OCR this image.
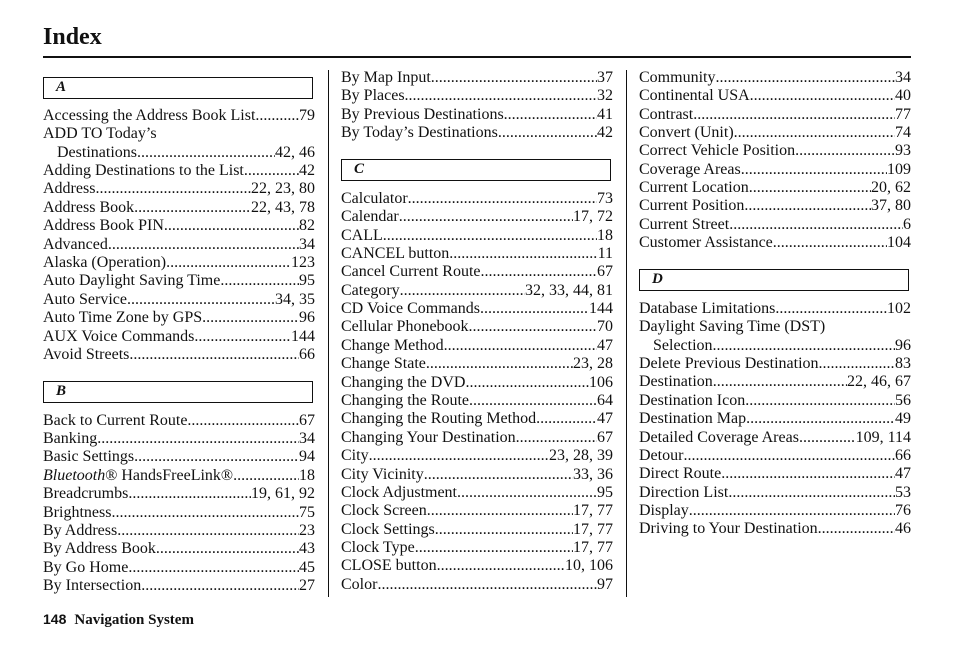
Index
A
Accessing the Address Book List .....	79
ADD TO Today’s
Destinations .....	42, 46
Adding Destinations to the List .....	42
Address .....	22, 23, 80
Address Book .....	22, 43, 78
Address Book PIN .....	82
Advanced .....	34
Alaska (Operation) .....	123
Auto Daylight Saving Time .....	95
Auto Service .....	34, 35
Auto Time Zone by GPS .....	96
AUX Voice Commands .....	144
Avoid Streets .....	66
B
Back to Current Route .....	67
Banking .....	34
Basic Settings .....	94
Bluetooth® HandsFreeLink® .....	18
Breadcrumbs .....	19, 61, 92
Brightness .....	75
By Address .....	23
By Address Book .....	43
By Go Home .....	45
By Intersection .....	27
By Map Input .....	37
By Places .....	32
By Previous Destinations .....	41
By Today’s Destinations .....	42
C
Calculator .....	73
Calendar .....	17, 72
CALL .....	18
CANCEL button .....	11
Cancel Current Route .....	67
Category .....	32, 33, 44, 81
CD Voice Commands .....	144
Cellular Phonebook .....	70
Change Method .....	47
Change State .....	23, 28
Changing the DVD .....	106
Changing the Route .....	64
Changing the Routing Method .....	47
Changing Your Destination .....	67
City .....	23, 28, 39
City Vicinity .....	33, 36
Clock Adjustment .....	95
Clock Screen .....	17, 77
Clock Settings .....	17, 77
Clock Type .....	17, 77
CLOSE button .....	10, 106
Color .....	97
Community .....	34
Continental USA .....	40
Contrast .....	77
Convert (Unit) .....	74
Correct Vehicle Position .....	93
Coverage Areas .....	109
Current Location .....	20, 62
Current Position .....	37, 80
Current Street .....	6
Customer Assistance .....	104
D
Database Limitations .....	102
Daylight Saving Time (DST)
Selection .....	96
Delete Previous Destination .....	83
Destination .....	22, 46, 67
Destination Icon .....	56
Destination Map .....	49
Detailed Coverage Areas .....	109, 114
Detour .....	66
Direct Route .....	47
Direction List .....	53
Display .....	76
Driving to Your Destination .....	46
148 Navigation System
